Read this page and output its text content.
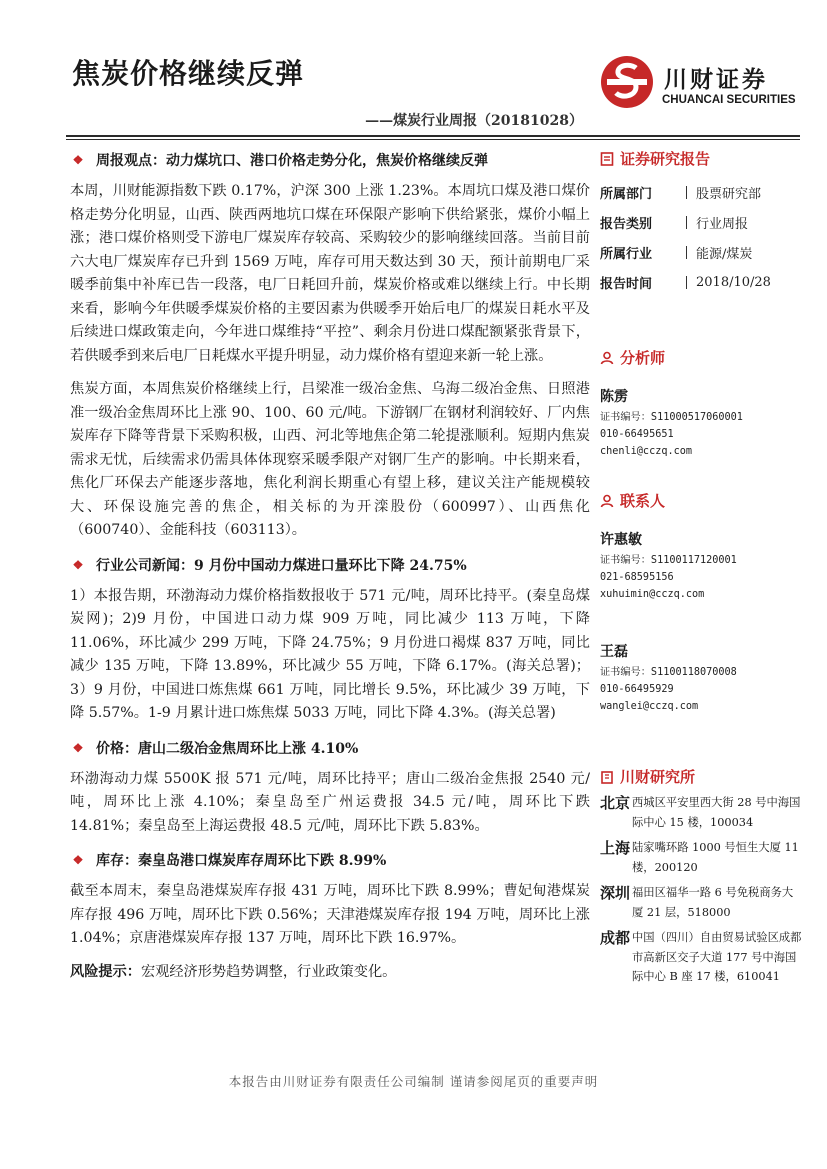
焦炭价格继续反弹
——煤炭行业周报（20181028）
川财证券
CHUANCAI SECURITIES
❖ 周报观点：动力煤坑口、港口价格走势分化，焦炭价格继续反弹

本周，川财能源指数下跌 0.17%，沪深 300 上涨 1.23%。本周坑口煤及港口煤价格走势分化明显，山西、陕西两地坑口煤在环保限产影响下供给紧张，煤价小幅上涨；港口煤价格则受下游电厂煤炭库存较高、采购较少的影响继续回落。当前目前六大电厂煤炭库存已升到 1569 万吨，库存可用天数达到 30 天，预计前期电厂采暖季前集中补库已告一段落，电厂日耗回升前，煤炭价格或难以继续上行。中长期来看，影响今年供暖季煤炭价格的主要因素为供暖季开始后电厂的煤炭日耗水平及后续进口煤政策走向，今年进口煤维持“平控”、剩余月份进口煤配额紧张背景下，若供暖季到来后电厂日耗煤水平提升明显，动力煤价格有望迎来新一轮上涨。

焦炭方面，本周焦炭价格继续上行，吕梁准一级冶金焦、乌海二级冶金焦、日照港准一级冶金焦周环比上涨 90、100、60 元/吨。下游钢厂在钢材利润较好、厂内焦炭库存下降等背景下采购积极，山西、河北等地焦企第二轮提涨顺利。短期内焦炭需求无忧，后续需求仍需具体体现察采暖季限产对钢厂生产的影响。中长期来看，焦化厂环保去产能逐步落地，焦化利润长期重心有望上移，建议关注产能规模较大、环保设施完善的焦企，相关标的为开滦股份（600997）、山西焦化（600740）、金能科技（603113）。

❖ 行业公司新闻：9 月份中国动力煤进口量环比下降 24.75%

1）本报告期，环渤海动力煤价格指数报收于 571 元/吨，周环比持平。(秦皇岛煤炭网)；2)9 月份，中国进口动力煤 909 万吨，同比减少 113 万吨，下降 11.06%，环比减少 299 万吨，下降 24.75%；9 月份进口褐煤 837 万吨，同比减少 135 万吨，下降 13.89%，环比减少 55 万吨，下降 6.17%。(海关总署)；3）9 月份，中国进口炼焦煤 661 万吨，同比增长 9.5%，环比减少 39 万吨，下降 5.57%。1-9 月累计进口炼焦煤 5033 万吨，同比下降 4.3%。(海关总署)

❖ 价格：唐山二级冶金焦周环比上涨 4.10%

环渤海动力煤 5500K 报 571 元/吨，周环比持平；唐山二级冶金焦报 2540 元/吨，周环比上涨 4.10%；秦皇岛至广州运费报 34.5 元/吨，周环比下跌 14.81%；秦皇岛至上海运费报 48.5 元/吨，周环比下跌 5.83%。

❖ 库存：秦皇岛港口煤炭库存周环比下跌 8.99%

截至本周末，秦皇岛港煤炭库存报 431 万吨，周环比下跌 8.99%；曹妃甸港煤炭库存报 496 万吨，周环比下跌 0.56%；天津港煤炭库存报 194 万吨，周环比上涨 1.04%；京唐港煤炭库存报 137 万吨，周环比下跌 16.97%。

风险提示：宏观经济形势趋势调整，行业政策变化。

证券研究报告
所属部门	股票研究部
报告类别	行业周报
所属行业	能源/煤炭
报告时间	2018/10/28
分析师
陈雳
证书编号：S1100051706000​1
010-66495651
chenli@cczq.com
联系人
许惠敏
证书编号：S1100117120001
021-68595156
xuhuimin@cczq.com
王磊
证书编号：S1100118070008
010-66495929
wanglei@cczq.com
川财研究所
北京 西城区平安里西大街 28 号中海国际中心 15 楼，100034
上海 陆家嘴环路 1000 号恒生大厦 11 楼，200120
深圳 福田区福华一路 6 号免税商务大厦 21 层，518000
成都 中国（四川）自由贸易试验区成都市高新区交子大道 177 号中海国际中心 B 座 17 楼，610041
本报告由川财证券有限责任公司编制 谨请参阅尾页的重要声明
